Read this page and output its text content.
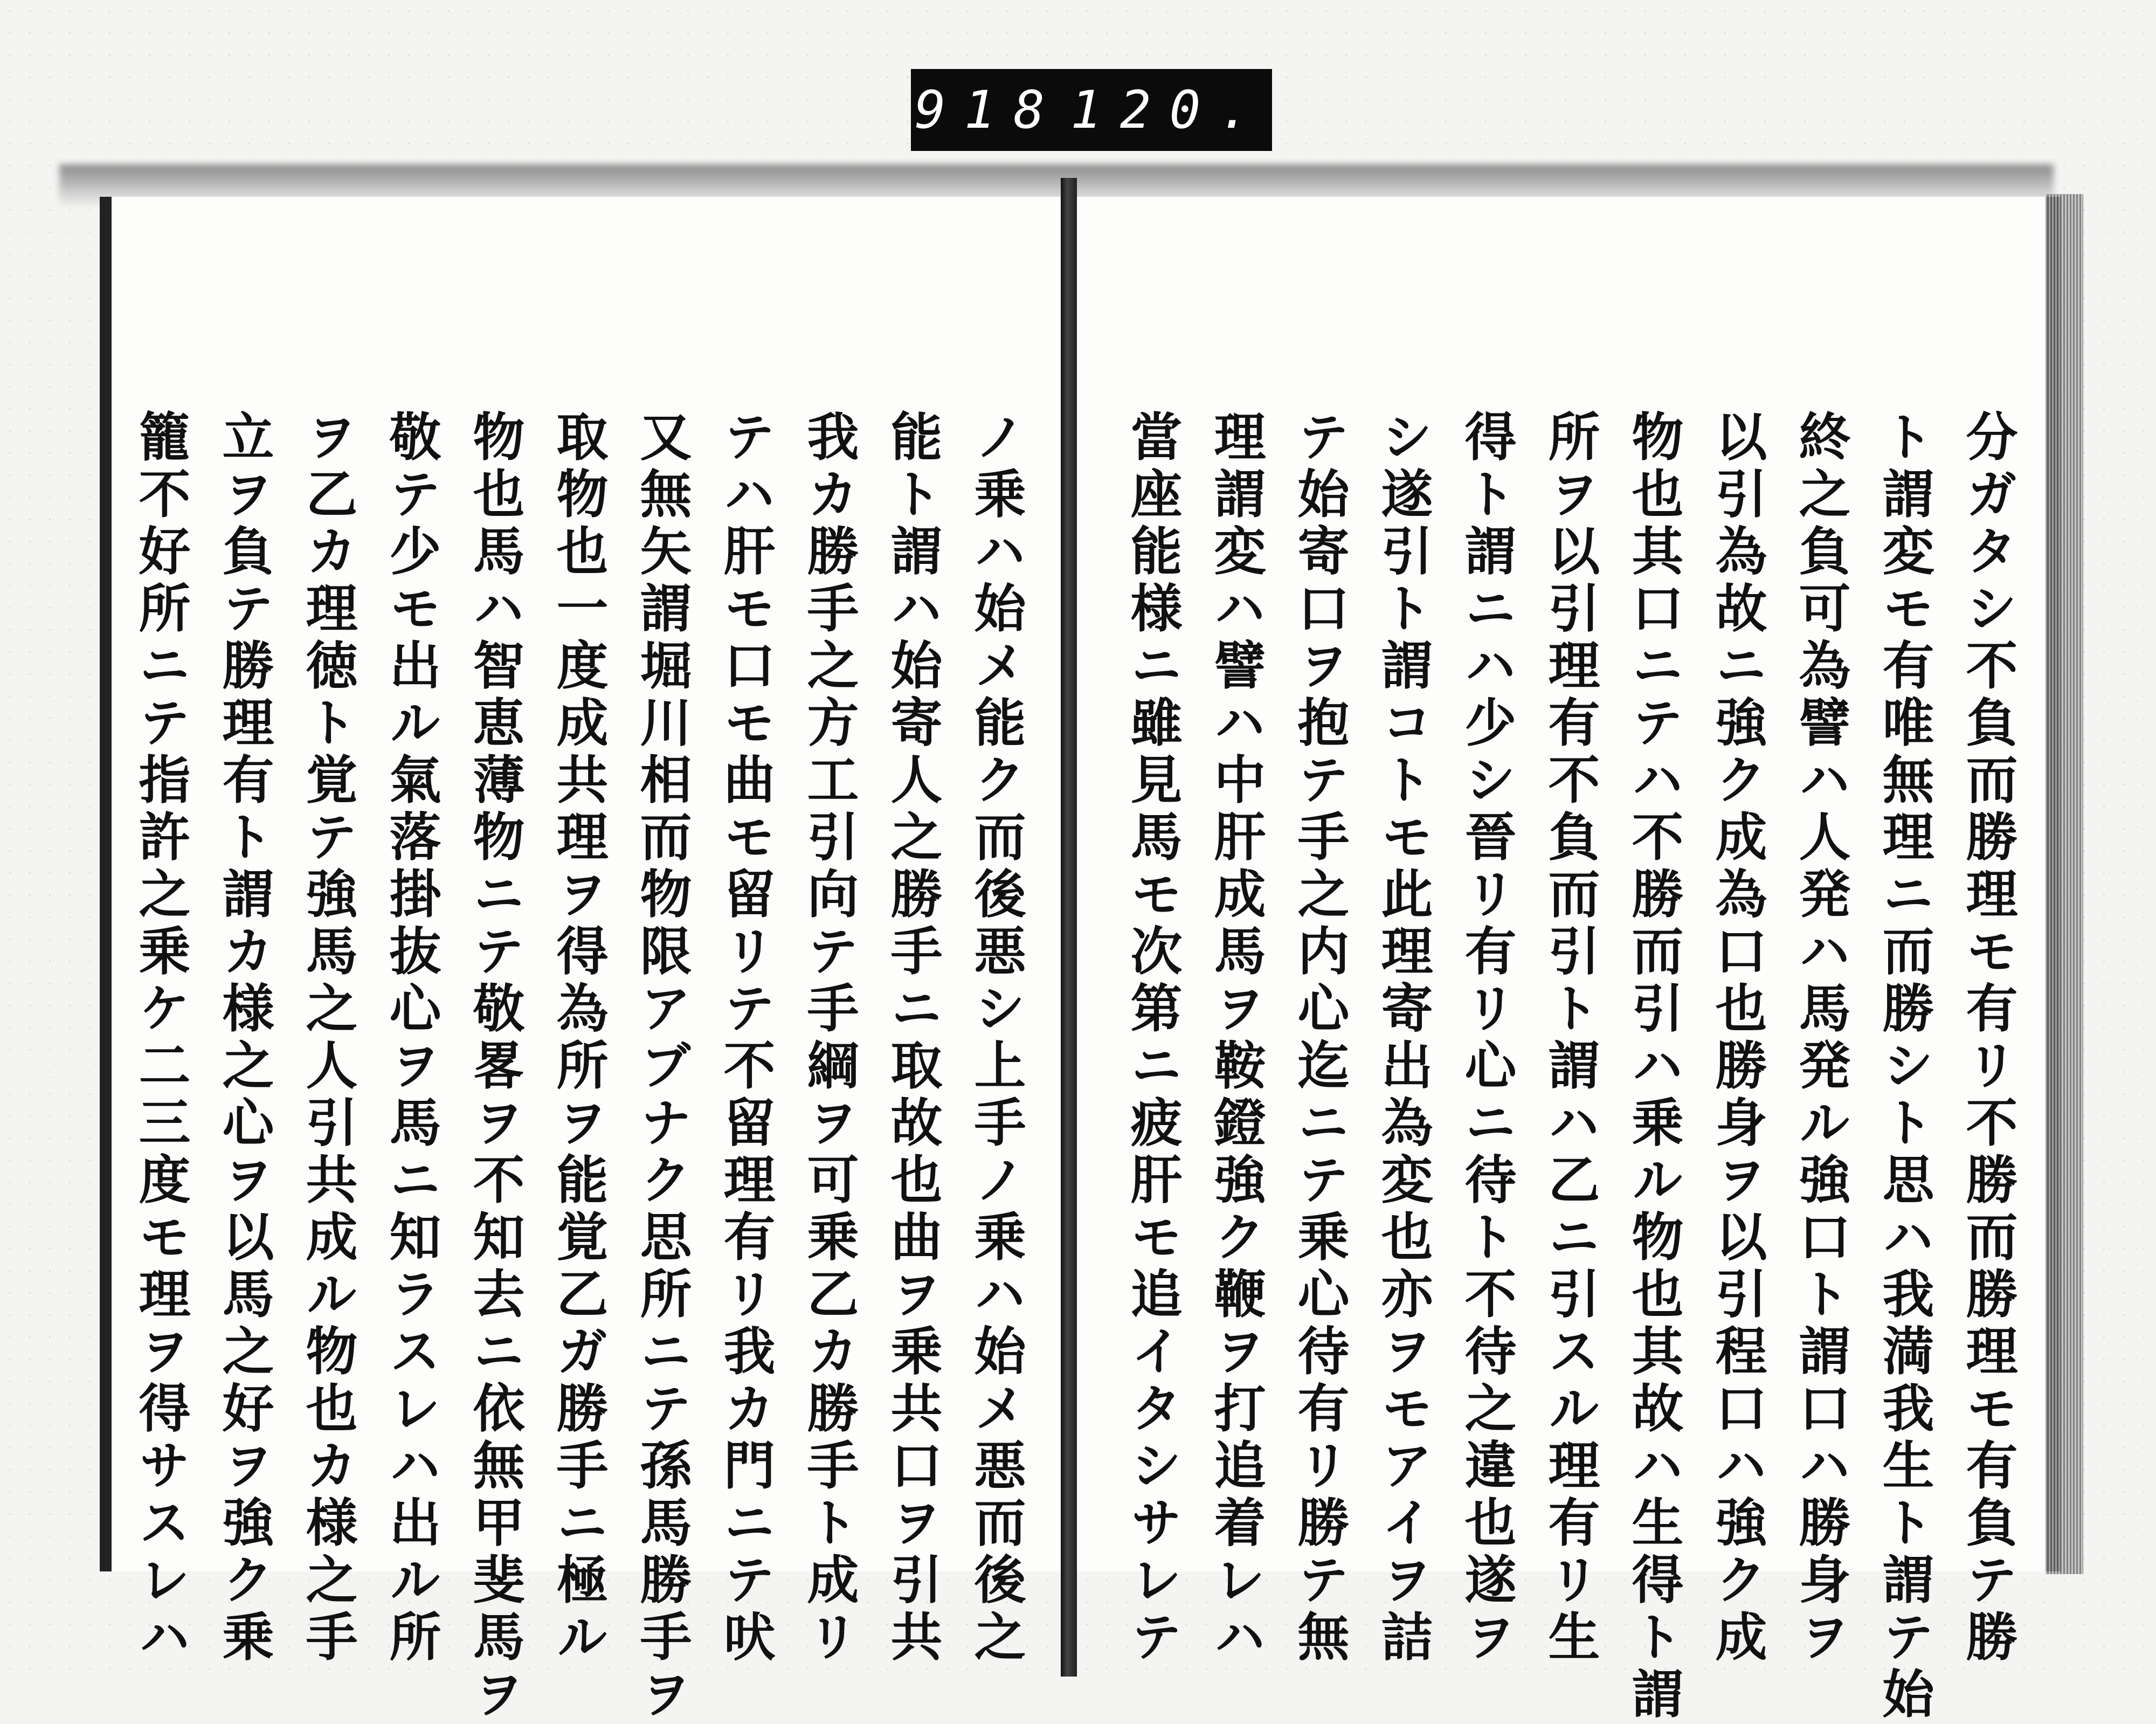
918 120.
分ガタシ不負而勝理モ有リ不勝而勝理モ有負テ勝
ト謂変モ有唯無理ニ而勝シト思ハ我満我生ト謂テ始
終之負可為譬ハ人発ハ馬発ル強口ト謂口ハ勝身ヲ
以引為故ニ強ク成為口也勝身ヲ以引程口ハ強ク成
物也其口ニテハ不勝而引ハ乗ル物也其故ハ生得ト謂
所ヲ以引理有不負而引ト謂ハ乙ニ引スル理有リ生
得ト謂ニハ少シ晉リ有リ心ニ待ト不待之違也遂ヲ
シ遂引ト謂コトモ此理寄出為変也亦ヲモアイヲ詰
テ始寄口ヲ抱テ手之内心迄ニテ乗心待有リ勝テ無
理謂変ハ譬ハ中肝成馬ヲ鞍鐙強ク鞭ヲ打追着レハ
當座能様ニ雖見馬モ次第ニ疲肝モ追イタシサレテ
ノ乗ハ始メ能ク而後悪シ上手ノ乗ハ始メ悪而後之
能ト謂ハ始寄人之勝手ニ取故也曲ヲ乗共口ヲ引共
我カ勝手之方工引向テ手綱ヲ可乗乙カ勝手ト成リ
テハ肝モ口モ曲モ留リテ不留理有リ我カ門ニテ吠
又無矢謂堀川相而物限アブナク思所ニテ孫馬勝手ヲ
取物也一度成共理ヲ得為所ヲ能覚乙ガ勝手ニ極ル
物也馬ハ智恵薄物ニテ敬畧ヲ不知去ニ依無甲斐馬ヲ
敬テ少モ出ル氣落掛抜心ヲ馬ニ知ラスレハ出ル所
ヲ乙カ理徳ト覚テ強馬之人引共成ル物也カ様之手
立ヲ負テ勝理有ト謂カ様之心ヲ以馬之好ヲ強ク乗
籠不好所ニテ指許之乗ケ二三度モ理ヲ得サスレハ
